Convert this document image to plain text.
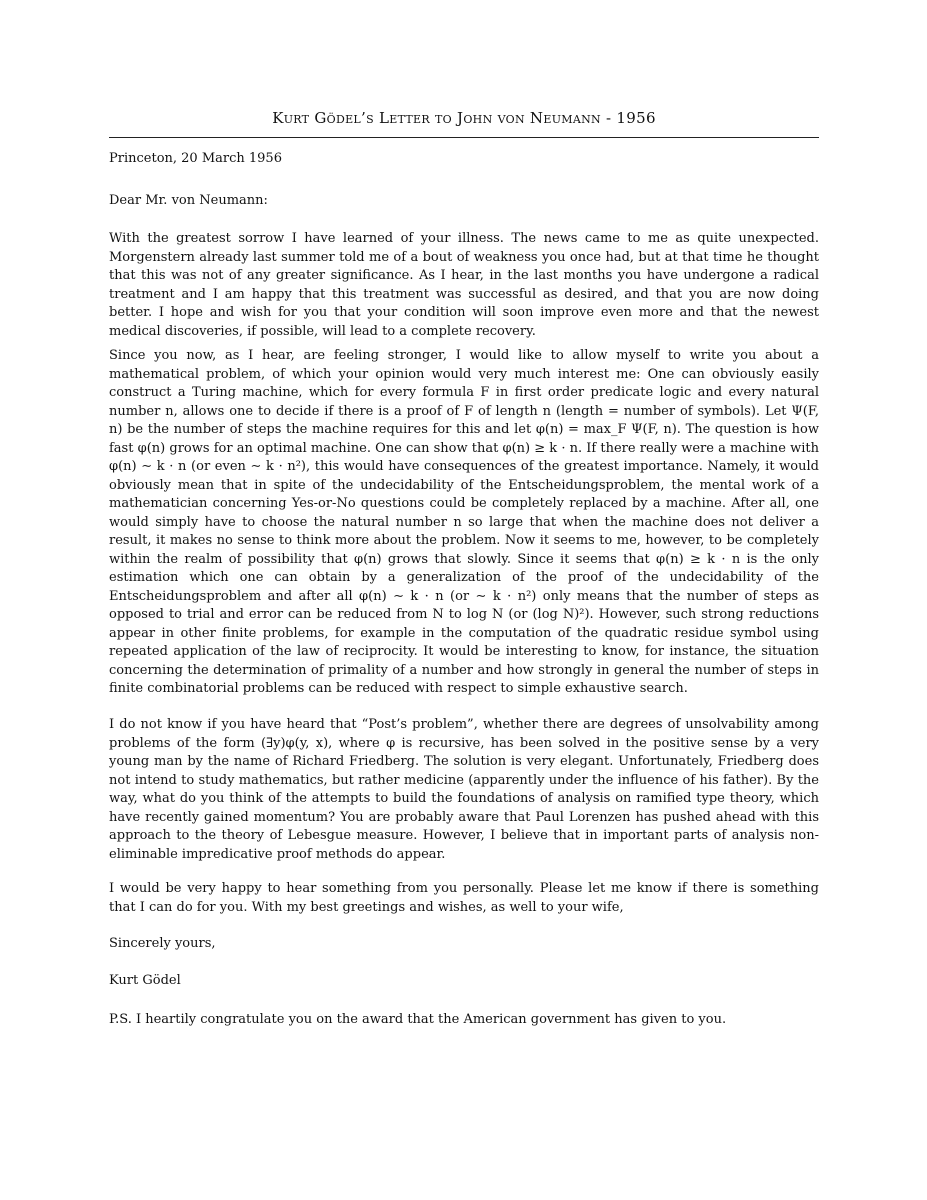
Kurt Gödel’s Letter to John von Neumann - 1956
Princeton, 20 March 1956
Dear Mr. von Neumann:
With the greatest sorrow I have learned of your illness. The news came to me as quite unexpected. Morgenstern already last summer told me of a bout of weakness you once had, but at that time he thought that this was not of any greater significance. As I hear, in the last months you have undergone a radical treatment and I am happy that this treatment was successful as desired, and that you are now doing better. I hope and wish for you that your condition will soon improve even more and that the newest medical discoveries, if possible, will lead to a complete recovery.
Since you now, as I hear, are feeling stronger, I would like to allow myself to write you about a mathematical problem, of which your opinion would very much interest me: One can obviously easily construct a Turing machine, which for every formula F in first order predicate logic and every natural number n, allows one to decide if there is a proof of F of length n (length = number of symbols). Let Ψ(F, n) be the number of steps the machine requires for this and let φ(n) = max_F Ψ(F, n). The question is how fast φ(n) grows for an optimal machine. One can show that φ(n) ≥ k · n. If there really were a machine with φ(n) ∼ k · n (or even ∼ k · n²), this would have consequences of the greatest importance. Namely, it would obviously mean that in spite of the undecidability of the Entscheidungsproblem, the mental work of a mathematician concerning Yes-or-No questions could be completely replaced by a machine. After all, one would simply have to choose the natural number n so large that when the machine does not deliver a result, it makes no sense to think more about the problem. Now it seems to me, however, to be completely within the realm of possibility that φ(n) grows that slowly. Since it seems that φ(n) ≥ k · n is the only estimation which one can obtain by a generalization of the proof of the undecidability of the Entscheidungsproblem and after all φ(n) ∼ k · n (or ∼ k · n²) only means that the number of steps as opposed to trial and error can be reduced from N to log N (or (log N)²). However, such strong reductions appear in other finite problems, for example in the computation of the quadratic residue symbol using repeated application of the law of reciprocity. It would be interesting to know, for instance, the situation concerning the determination of primality of a number and how strongly in general the number of steps in finite combinatorial problems can be reduced with respect to simple exhaustive search.
I do not know if you have heard that “Post’s problem”, whether there are degrees of unsolvability among problems of the form (∃y)φ(y, x), where φ is recursive, has been solved in the positive sense by a very young man by the name of Richard Friedberg. The solution is very elegant. Unfortunately, Friedberg does not intend to study mathematics, but rather medicine (apparently under the influence of his father). By the way, what do you think of the attempts to build the foundations of analysis on ramified type theory, which have recently gained momentum? You are probably aware that Paul Lorenzen has pushed ahead with this approach to the theory of Lebesgue measure. However, I believe that in important parts of analysis non-eliminable impredicative proof methods do appear.
I would be very happy to hear something from you personally. Please let me know if there is something that I can do for you. With my best greetings and wishes, as well to your wife,
Sincerely yours,
Kurt Gödel
P.S. I heartily congratulate you on the award that the American government has given to you.
